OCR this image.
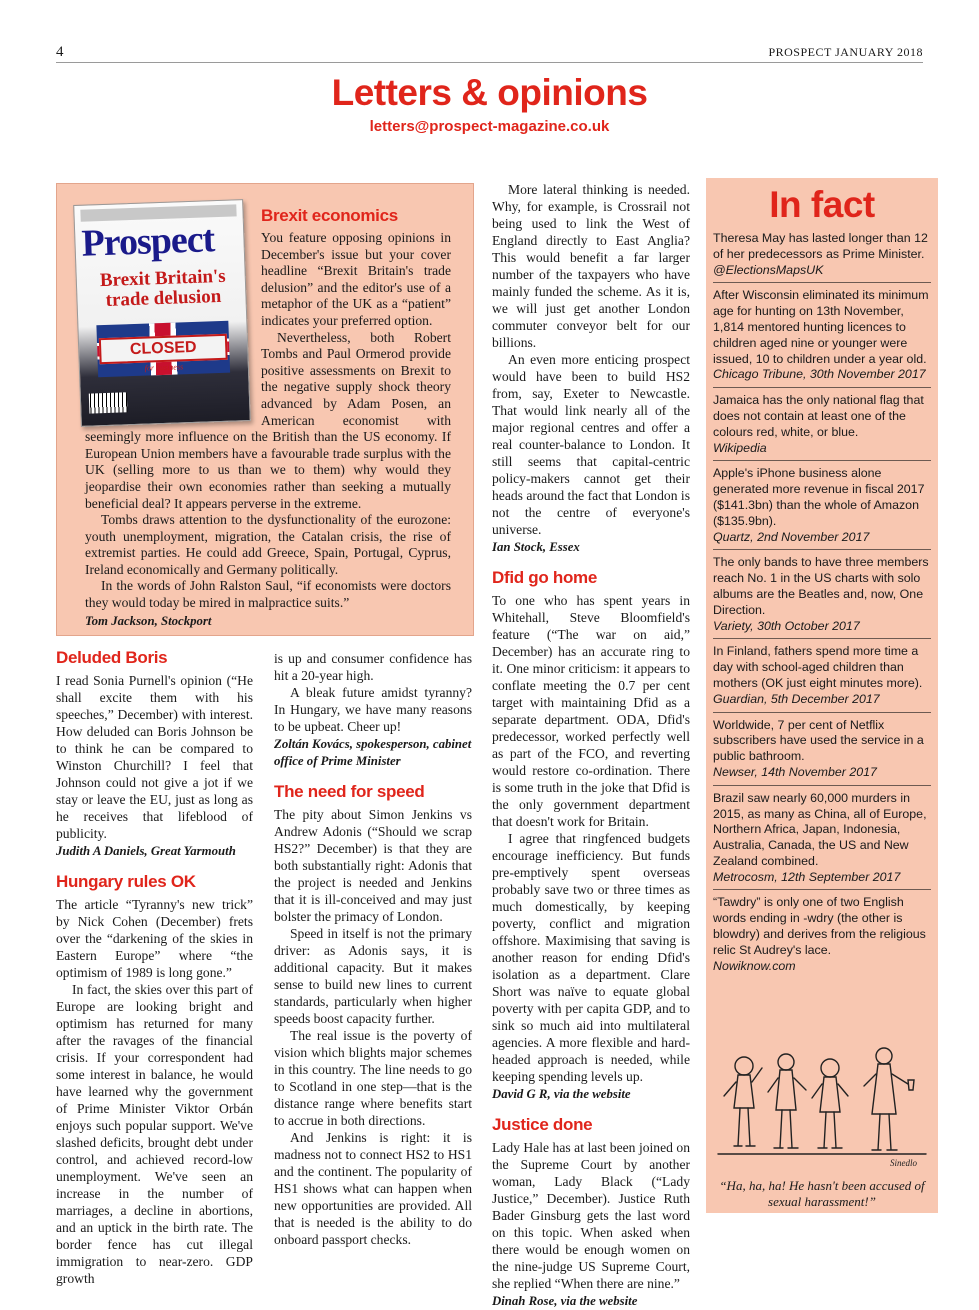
4	PROSPECT JANUARY 2018
Letters & opinions
letters@prospect-magazine.co.uk
Prospect
Brexit Britain's trade delusion
CLOSED
for business
Brexit economics

You feature opposing opinions in December's issue but your cover headline “Brexit Britain's trade delusion” and the editor's use of a metaphor of the UK as a “patient” indicates your preferred option.

Nevertheless, both Robert Tombs and Paul Ormerod provide positive assessments on Brexit to the negative supply shock theory advanced by Adam Posen, an American economist with seemingly more influence on the British than the US economy. If European Union members have a favourable trade surplus with the UK (selling more to us than we to them) why would they jeopardise their own economies rather than seeking a mutually beneficial deal? It appears perverse in the extreme.

Tombs draws attention to the dysfunctionality of the eurozone: youth unemployment, migration, the Catalan crisis, the rise of extremist parties. He could add Greece, Spain, Portugal, Cyprus, Ireland economically and Germany politically.

In the words of John Ralston Saul, “if economists were doctors they would today be mired in malpractice suits.”

Tom Jackson, Stockport
Deluded Boris

I read Sonia Purnell's opinion (“He shall excite them with his speeches,” December) with interest. How deluded can Boris Johnson be to think he can be compared to Winston Churchill? I feel that Johnson could not give a jot if we stay or leave the EU, just as long as he receives that lifeblood of publicity.

Judith A Daniels, Great Yarmouth
Hungary rules OK

The article “Tyranny's new trick” by Nick Cohen (December) frets over the “darkening of the skies in Eastern Europe” where “the optimism of 1989 is long gone.”

In fact, the skies over this part of Europe are looking bright and optimism has returned for many after the ravages of the financial crisis. If your correspondent had some interest in balance, he would have learned why the government of Prime Minister Viktor Orbán enjoys such popular support. We've slashed deficits, brought debt under control, and achieved record-low unemployment. We've seen an increase in the number of marriages, a decline in abortions, and an uptick in the birth rate. The border fence has cut illegal immigration to near-zero. GDP growth

is up and consumer confidence has hit a 20-year high.

A bleak future amidst tyranny? In Hungary, we have many reasons to be upbeat. Cheer up!

Zoltán Kovács, spokesperson, cabinet office of Prime Minister
The need for speed

The pity about Simon Jenkins vs Andrew Adonis (“Should we scrap HS2?” December) is that they are both substantially right: Adonis that the project is needed and Jenkins that it is ill-conceived and may just bolster the primacy of London.

Speed in itself is not the primary driver: as Adonis says, it is additional capacity. But it makes sense to build new lines to current standards, particularly when higher speeds boost capacity further.

The real issue is the poverty of vision which blights major schemes in this country. The line needs to go to Scotland in one step—that is the distance range where benefits start to accrue in both directions.

And Jenkins is right: it is madness not to connect HS2 to HS1 and the continent. The popularity of HS1 shows what can happen when new opportunities are provided. All that is needed is the ability to do onboard passport checks.

More lateral thinking is needed. Why, for example, is Crossrail not being used to link the West of England directly to East Anglia? This would benefit a far larger number of the taxpayers who have mainly funded the scheme. As it is, we will just get another London commuter conveyor belt for our billions.

An even more enticing prospect would have been to build HS2 from, say, Exeter to Newcastle. That would link nearly all of the major regional centres and offer a real counter-balance to London. It still seems that capital-centric policy-makers cannot get their heads around the fact that London is not the centre of everyone's universe.

Ian Stock, Essex
Dfid go home

To one who has spent years in Whitehall, Steve Bloomfield's feature (“The war on aid,” December) has an accurate ring to it. One minor criticism: it appears to conflate meeting the 0.7 per cent target with maintaining Dfid as a separate department. ODA, Dfid's predecessor, worked perfectly well as part of the FCO, and reverting would restore co-ordination. There is some truth in the joke that Dfid is the only government department that doesn't work for Britain.

I agree that ringfenced budgets encourage inefficiency. But funds pre-emptively spent overseas probably save two or three times as much domestically, by keeping poverty, conflict and migration offshore. Maximising that saving is another reason for ending Dfid's isolation as a department. Clare Short was naïve to equate global poverty with per capita GDP, and to sink so much aid into multilateral agencies. A more flexible and hard-headed approach is needed, while keeping spending levels up.

David G R, via the website
Justice done

Lady Hale has at last been joined on the Supreme Court by another woman, Lady Black (“Lady Justice,” December). Justice Ruth Bader Ginsburg gets the last word on this topic. When asked when there would be enough women on the nine-judge US Supreme Court, she replied “When there are nine.”

Dinah Rose, via the website
In fact
Theresa May has lasted longer than 12 of her predecessors as Prime Minister.
@ElectionsMapsUK
After Wisconsin eliminated its minimum age for hunting on 13th November, 1,814 mentored hunting licences to children aged nine or younger were issued, 10 to children under a year old.
Chicago Tribune, 30th November 2017
Jamaica has the only national flag that does not contain at least one of the colours red, white, or blue.
Wikipedia
Apple's iPhone business alone generated more revenue in fiscal 2017 ($141.3bn) than the whole of Amazon ($135.9bn).
Quartz, 2nd November 2017
The only bands to have three members reach No. 1 in the US charts with solo albums are the Beatles and, now, One Direction.
Variety, 30th October 2017
In Finland, fathers spend more time a day with school-aged children than mothers (OK just eight minutes more).
Guardian, 5th December 2017
Worldwide, 7 per cent of Netflix subscribers have used the service in a public bathroom.
Newser, 14th November 2017
Brazil saw nearly 60,000 murders in 2015, as many as China, all of Europe, Northern Africa, Japan, Indonesia, Australia, Canada, the US and New Zealand combined.
Metrocosm, 12th September 2017
“Tawdry” is only one of two English words ending in -wdry (the other is blowdry) and derives from the religious relic St Audrey's lace.
Nowiknow.com
Sinedlo
“Ha, ha, ha! He hasn't been accused of sexual harassment!”
